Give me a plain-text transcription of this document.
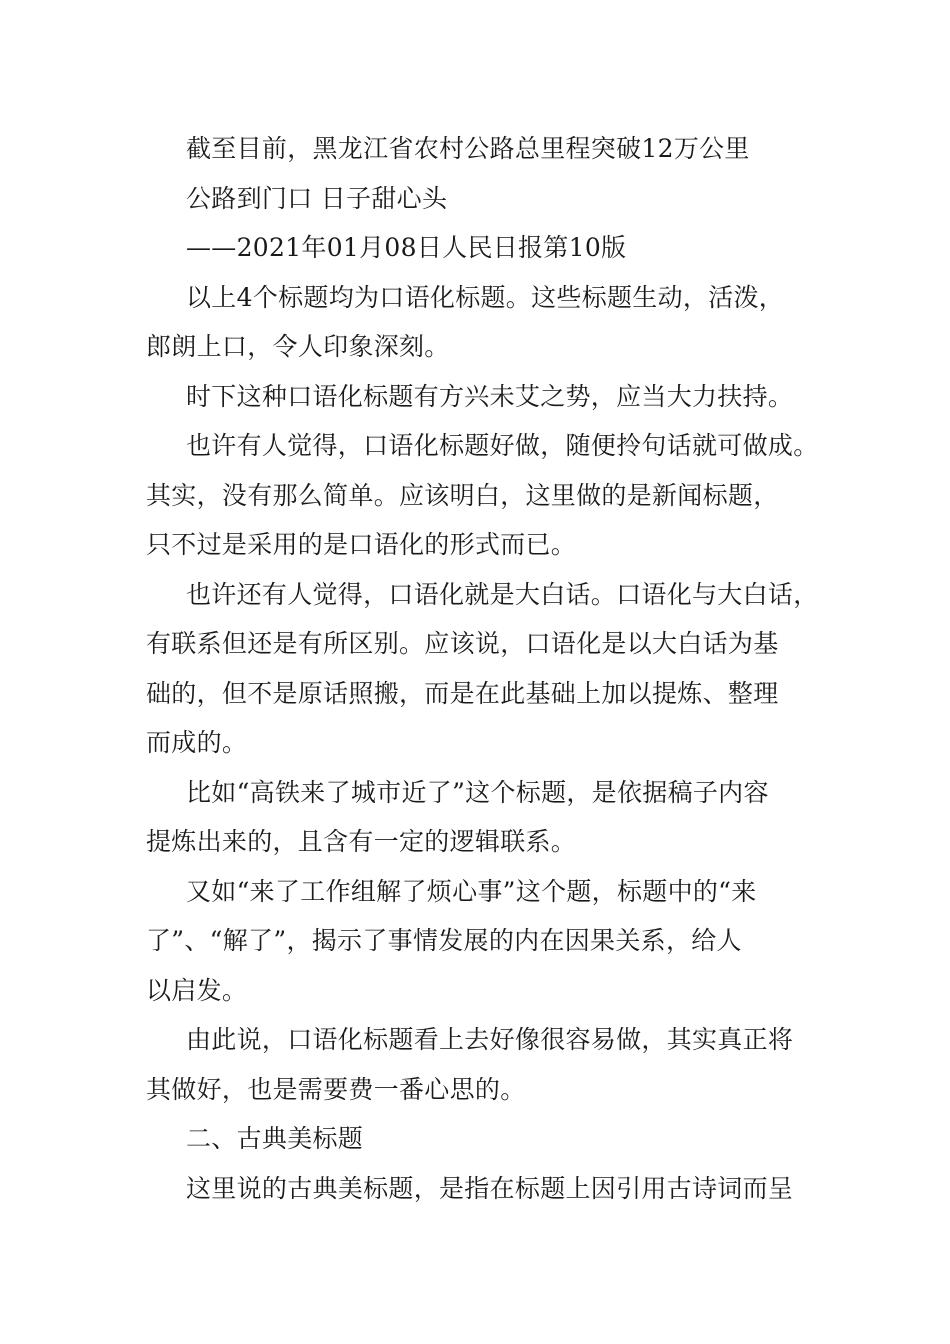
截至目前，黑龙江省农村公路总里程突破12万公里
公路到门口 日子甜心头
——2021年01月08日人民日报第10版
以上4个标题均为口语化标题。这些标题生动，活泼，
郎朗上口，令人印象深刻。
时下这种口语化标题有方兴未艾之势，应当大力扶持。
也许有人觉得，口语化标题好做，随便拎句话就可做成。
其实，没有那么简单。应该明白，这里做的是新闻标题，
只不过是采用的是口语化的形式而已。
也许还有人觉得，口语化就是大白话。口语化与大白话，
有联系但还是有所区别。应该说，口语化是以大白话为基
础的，但不是原话照搬，而是在此基础上加以提炼、整理
而成的。
比如“高铁来了城市近了”这个标题，是依据稿子内容
提炼出来的，且含有一定的逻辑联系。
又如“来了工作组解了烦心事”这个题，标题中的“来
了”、“解了”，揭示了事情发展的内在因果关系，给人
以启发。
由此说，口语化标题看上去好像很容易做，其实真正将
其做好，也是需要费一番心思的。
二、古典美标题
这里说的古典美标题，是指在标题上因引用古诗词而呈
